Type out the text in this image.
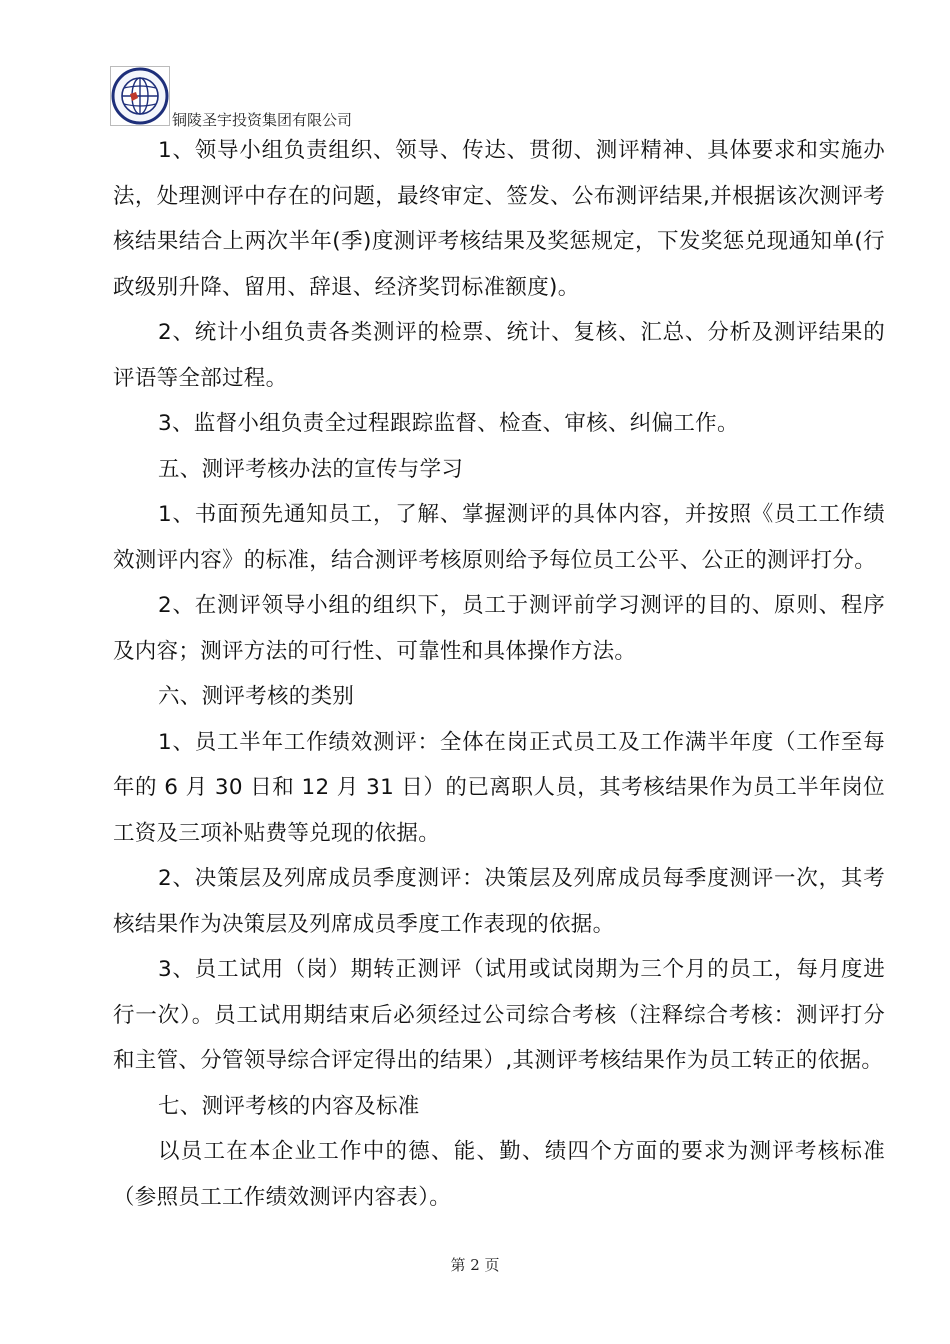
铜陵圣宇投资集团有限公司

1、领导小组负责组织、领导、传达、贯彻、测评精神、具体要求和实施办法，处理测评中存在的问题，最终审定、签发、公布测评结果,并根据该次测评考核结果结合上两次半年(季)度测评考核结果及奖惩规定，下发奖惩兑现通知单(行政级别升降、留用、辞退、经济奖罚标准额度)。

2、统计小组负责各类测评的检票、统计、复核、汇总、分析及测评结果的评语等全部过程。

3、监督小组负责全过程跟踪监督、检查、审核、纠偏工作。

五、测评考核办法的宣传与学习

1、书面预先通知员工，了解、掌握测评的具体内容，并按照《员工工作绩效测评内容》的标准，结合测评考核原则给予每位员工公平、公正的测评打分。

2、在测评领导小组的组织下，员工于测评前学习测评的目的、原则、程序及内容；测评方法的可行性、可靠性和具体操作方法。

六、测评考核的类别

1、员工半年工作绩效测评：全体在岗正式员工及工作满半年度（工作至每年的 6 月 30 日和 12 月 31 日）的已离职人员，其考核结果作为员工半年岗位工资及三项补贴费等兑现的依据。

2、决策层及列席成员季度测评：决策层及列席成员每季度测评一次，其考核结果作为决策层及列席成员季度工作表现的依据。

3、员工试用（岗）期转正测评（试用或试岗期为三个月的员工，每月度进行一次）。员工试用期结束后必须经过公司综合考核（注释综合考核：测评打分和主管、分管领导综合评定得出的结果）,其测评考核结果作为员工转正的依据。

七、测评考核的内容及标准

以员工在本企业工作中的德、能、勤、绩四个方面的要求为测评考核标准（参照员工工作绩效测评内容表）。

第 2 页
